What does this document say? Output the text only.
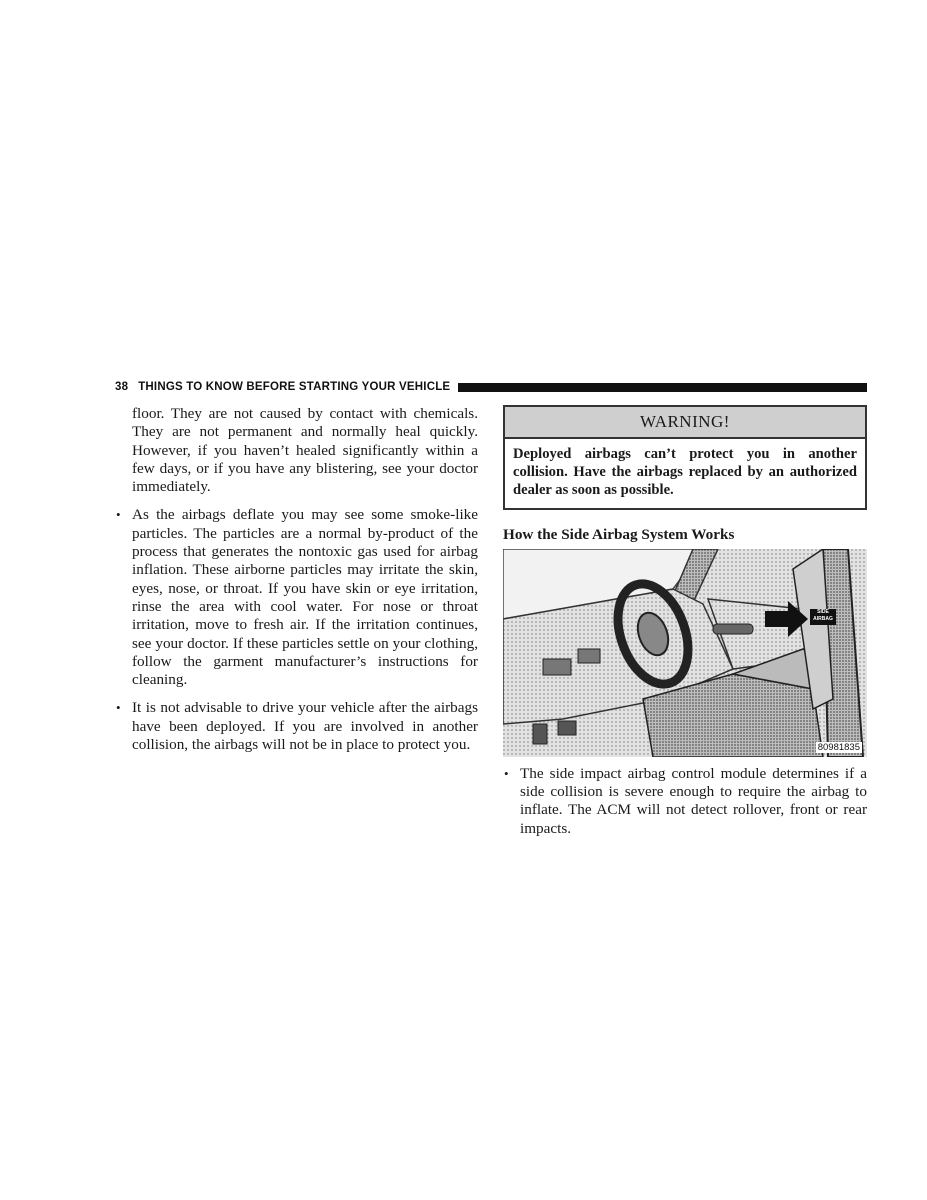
38 THINGS TO KNOW BEFORE STARTING YOUR VEHICLE

floor. They are not caused by contact with chemicals. They are not permanent and normally heal quickly. However, if you haven’t healed significantly within a few days, or if you have any blistering, see your doctor immediately.

• As the airbags deflate you may see some smoke-like particles. The particles are a normal by-product of the process that generates the nontoxic gas used for airbag inflation. These airborne particles may irritate the skin, eyes, nose, or throat. If you have skin or eye irritation, rinse the area with cool water. For nose or throat irritation, move to fresh air. If the irritation continues, see your doctor. If these particles settle on your clothing, follow the garment manufacturer’s instructions for cleaning.
• It is not advisable to drive your vehicle after the airbags have been deployed. If you are involved in another collision, the airbags will not be in place to protect you.
WARNING!
Deployed airbags can’t protect you in another collision. Have the airbags replaced by an authorized dealer as soon as possible.
How the Side Airbag System Works
SIDE
AIRBAG
80981835
• The side impact airbag control module determines if a side collision is severe enough to require the airbag to inflate. The ACM will not detect rollover, front or rear impacts.
